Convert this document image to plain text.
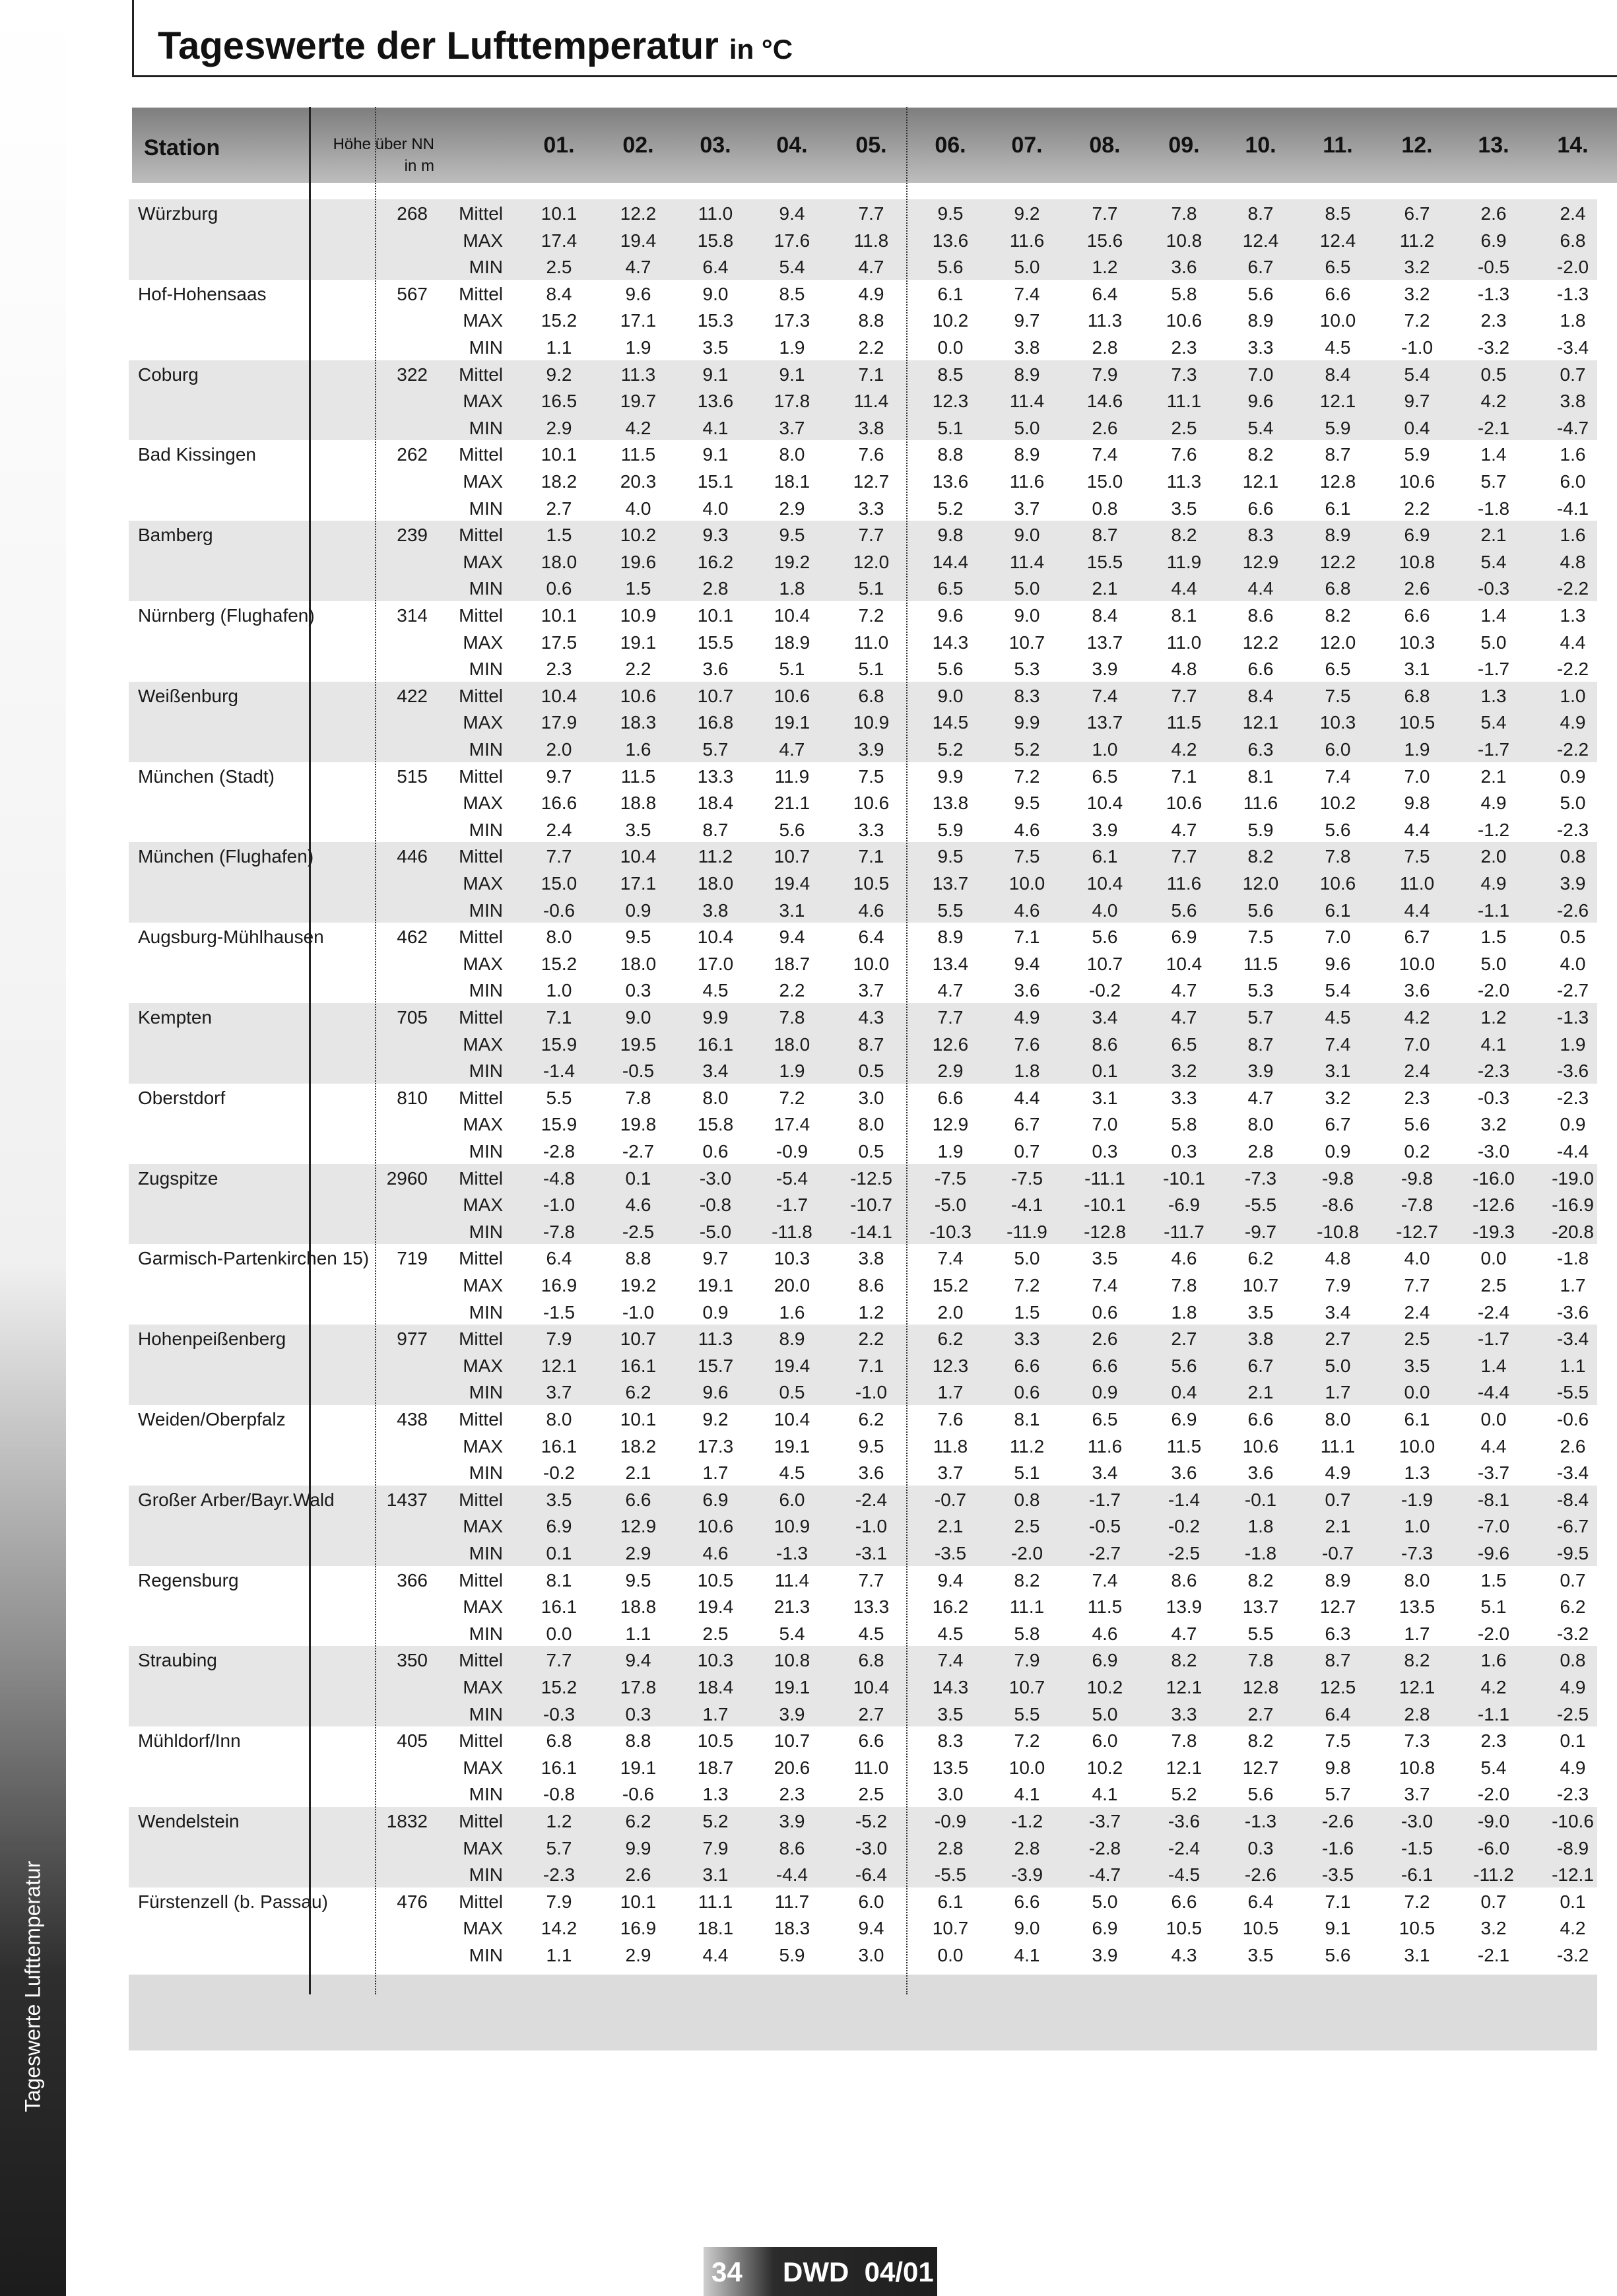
Tageswerte Lufttemperatur
Tageswerte der Lufttemperatur in °C
Station	Höhe über NN
in m
01.	02.	03.	04.	05.	06.	07.	08.	09.	10.	11.	12.	13.	14.
Würzburg	268	Mittel	10.1	12.2	11.0	9.4	7.7	9.5	9.2	7.7	7.8	8.7	8.5	6.7	2.6	2.4
MAX	17.4	19.4	15.8	17.6	11.8	13.6	11.6	15.6	10.8	12.4	12.4	11.2	6.9	6.8
MIN	2.5	4.7	6.4	5.4	4.7	5.6	5.0	1.2	3.6	6.7	6.5	3.2	-0.5	-2.0
Hof-Hohensaas	567	Mittel	8.4	9.6	9.0	8.5	4.9	6.1	7.4	6.4	5.8	5.6	6.6	3.2	-1.3	-1.3
MAX	15.2	17.1	15.3	17.3	8.8	10.2	9.7	11.3	10.6	8.9	10.0	7.2	2.3	1.8
MIN	1.1	1.9	3.5	1.9	2.2	0.0	3.8	2.8	2.3	3.3	4.5	-1.0	-3.2	-3.4
Coburg	322	Mittel	9.2	11.3	9.1	9.1	7.1	8.5	8.9	7.9	7.3	7.0	8.4	5.4	0.5	0.7
MAX	16.5	19.7	13.6	17.8	11.4	12.3	11.4	14.6	11.1	9.6	12.1	9.7	4.2	3.8
MIN	2.9	4.2	4.1	3.7	3.8	5.1	5.0	2.6	2.5	5.4	5.9	0.4	-2.1	-4.7
Bad Kissingen	262	Mittel	10.1	11.5	9.1	8.0	7.6	8.8	8.9	7.4	7.6	8.2	8.7	5.9	1.4	1.6
MAX	18.2	20.3	15.1	18.1	12.7	13.6	11.6	15.0	11.3	12.1	12.8	10.6	5.7	6.0
MIN	2.7	4.0	4.0	2.9	3.3	5.2	3.7	0.8	3.5	6.6	6.1	2.2	-1.8	-4.1
Bamberg	239	Mittel	1.5	10.2	9.3	9.5	7.7	9.8	9.0	8.7	8.2	8.3	8.9	6.9	2.1	1.6
MAX	18.0	19.6	16.2	19.2	12.0	14.4	11.4	15.5	11.9	12.9	12.2	10.8	5.4	4.8
MIN	0.6	1.5	2.8	1.8	5.1	6.5	5.0	2.1	4.4	4.4	6.8	2.6	-0.3	-2.2
Nürnberg (Flughafen)	314	Mittel	10.1	10.9	10.1	10.4	7.2	9.6	9.0	8.4	8.1	8.6	8.2	6.6	1.4	1.3
MAX	17.5	19.1	15.5	18.9	11.0	14.3	10.7	13.7	11.0	12.2	12.0	10.3	5.0	4.4
MIN	2.3	2.2	3.6	5.1	5.1	5.6	5.3	3.9	4.8	6.6	6.5	3.1	-1.7	-2.2
Weißenburg	422	Mittel	10.4	10.6	10.7	10.6	6.8	9.0	8.3	7.4	7.7	8.4	7.5	6.8	1.3	1.0
MAX	17.9	18.3	16.8	19.1	10.9	14.5	9.9	13.7	11.5	12.1	10.3	10.5	5.4	4.9
MIN	2.0	1.6	5.7	4.7	3.9	5.2	5.2	1.0	4.2	6.3	6.0	1.9	-1.7	-2.2
München (Stadt)	515	Mittel	9.7	11.5	13.3	11.9	7.5	9.9	7.2	6.5	7.1	8.1	7.4	7.0	2.1	0.9
MAX	16.6	18.8	18.4	21.1	10.6	13.8	9.5	10.4	10.6	11.6	10.2	9.8	4.9	5.0
MIN	2.4	3.5	8.7	5.6	3.3	5.9	4.6	3.9	4.7	5.9	5.6	4.4	-1.2	-2.3
München (Flughafen)	446	Mittel	7.7	10.4	11.2	10.7	7.1	9.5	7.5	6.1	7.7	8.2	7.8	7.5	2.0	0.8
MAX	15.0	17.1	18.0	19.4	10.5	13.7	10.0	10.4	11.6	12.0	10.6	11.0	4.9	3.9
MIN	-0.6	0.9	3.8	3.1	4.6	5.5	4.6	4.0	5.6	5.6	6.1	4.4	-1.1	-2.6
Augsburg-Mühlhausen	462	Mittel	8.0	9.5	10.4	9.4	6.4	8.9	7.1	5.6	6.9	7.5	7.0	6.7	1.5	0.5
MAX	15.2	18.0	17.0	18.7	10.0	13.4	9.4	10.7	10.4	11.5	9.6	10.0	5.0	4.0
MIN	1.0	0.3	4.5	2.2	3.7	4.7	3.6	-0.2	4.7	5.3	5.4	3.6	-2.0	-2.7
Kempten	705	Mittel	7.1	9.0	9.9	7.8	4.3	7.7	4.9	3.4	4.7	5.7	4.5	4.2	1.2	-1.3
MAX	15.9	19.5	16.1	18.0	8.7	12.6	7.6	8.6	6.5	8.7	7.4	7.0	4.1	1.9
MIN	-1.4	-0.5	3.4	1.9	0.5	2.9	1.8	0.1	3.2	3.9	3.1	2.4	-2.3	-3.6
Oberstdorf	810	Mittel	5.5	7.8	8.0	7.2	3.0	6.6	4.4	3.1	3.3	4.7	3.2	2.3	-0.3	-2.3
MAX	15.9	19.8	15.8	17.4	8.0	12.9	6.7	7.0	5.8	8.0	6.7	5.6	3.2	0.9
MIN	-2.8	-2.7	0.6	-0.9	0.5	1.9	0.7	0.3	0.3	2.8	0.9	0.2	-3.0	-4.4
Zugspitze	2960	Mittel	-4.8	0.1	-3.0	-5.4	-12.5	-7.5	-7.5	-11.1	-10.1	-7.3	-9.8	-9.8	-16.0	-19.0
MAX	-1.0	4.6	-0.8	-1.7	-10.7	-5.0	-4.1	-10.1	-6.9	-5.5	-8.6	-7.8	-12.6	-16.9
MIN	-7.8	-2.5	-5.0	-11.8	-14.1	-10.3	-11.9	-12.8	-11.7	-9.7	-10.8	-12.7	-19.3	-20.8
Garmisch-Partenkirchen 15)	719	Mittel	6.4	8.8	9.7	10.3	3.8	7.4	5.0	3.5	4.6	6.2	4.8	4.0	0.0	-1.8
MAX	16.9	19.2	19.1	20.0	8.6	15.2	7.2	7.4	7.8	10.7	7.9	7.7	2.5	1.7
MIN	-1.5	-1.0	0.9	1.6	1.2	2.0	1.5	0.6	1.8	3.5	3.4	2.4	-2.4	-3.6
Hohenpeißenberg	977	Mittel	7.9	10.7	11.3	8.9	2.2	6.2	3.3	2.6	2.7	3.8	2.7	2.5	-1.7	-3.4
MAX	12.1	16.1	15.7	19.4	7.1	12.3	6.6	6.6	5.6	6.7	5.0	3.5	1.4	1.1
MIN	3.7	6.2	9.6	0.5	-1.0	1.7	0.6	0.9	0.4	2.1	1.7	0.0	-4.4	-5.5
Weiden/Oberpfalz	438	Mittel	8.0	10.1	9.2	10.4	6.2	7.6	8.1	6.5	6.9	6.6	8.0	6.1	0.0	-0.6
MAX	16.1	18.2	17.3	19.1	9.5	11.8	11.2	11.6	11.5	10.6	11.1	10.0	4.4	2.6
MIN	-0.2	2.1	1.7	4.5	3.6	3.7	5.1	3.4	3.6	3.6	4.9	1.3	-3.7	-3.4
Großer Arber/Bayr.Wald	1437	Mittel	3.5	6.6	6.9	6.0	-2.4	-0.7	0.8	-1.7	-1.4	-0.1	0.7	-1.9	-8.1	-8.4
MAX	6.9	12.9	10.6	10.9	-1.0	2.1	2.5	-0.5	-0.2	1.8	2.1	1.0	-7.0	-6.7
MIN	0.1	2.9	4.6	-1.3	-3.1	-3.5	-2.0	-2.7	-2.5	-1.8	-0.7	-7.3	-9.6	-9.5
Regensburg	366	Mittel	8.1	9.5	10.5	11.4	7.7	9.4	8.2	7.4	8.6	8.2	8.9	8.0	1.5	0.7
MAX	16.1	18.8	19.4	21.3	13.3	16.2	11.1	11.5	13.9	13.7	12.7	13.5	5.1	6.2
MIN	0.0	1.1	2.5	5.4	4.5	4.5	5.8	4.6	4.7	5.5	6.3	1.7	-2.0	-3.2
Straubing	350	Mittel	7.7	9.4	10.3	10.8	6.8	7.4	7.9	6.9	8.2	7.8	8.7	8.2	1.6	0.8
MAX	15.2	17.8	18.4	19.1	10.4	14.3	10.7	10.2	12.1	12.8	12.5	12.1	4.2	4.9
MIN	-0.3	0.3	1.7	3.9	2.7	3.5	5.5	5.0	3.3	2.7	6.4	2.8	-1.1	-2.5
Mühldorf/Inn	405	Mittel	6.8	8.8	10.5	10.7	6.6	8.3	7.2	6.0	7.8	8.2	7.5	7.3	2.3	0.1
MAX	16.1	19.1	18.7	20.6	11.0	13.5	10.0	10.2	12.1	12.7	9.8	10.8	5.4	4.9
MIN	-0.8	-0.6	1.3	2.3	2.5	3.0	4.1	4.1	5.2	5.6	5.7	3.7	-2.0	-2.3
Wendelstein	1832	Mittel	1.2	6.2	5.2	3.9	-5.2	-0.9	-1.2	-3.7	-3.6	-1.3	-2.6	-3.0	-9.0	-10.6
MAX	5.7	9.9	7.9	8.6	-3.0	2.8	2.8	-2.8	-2.4	0.3	-1.6	-1.5	-6.0	-8.9
MIN	-2.3	2.6	3.1	-4.4	-6.4	-5.5	-3.9	-4.7	-4.5	-2.6	-3.5	-6.1	-11.2	-12.1
Fürstenzell (b. Passau)	476	Mittel	7.9	10.1	11.1	11.7	6.0	6.1	6.6	5.0	6.6	6.4	7.1	7.2	0.7	0.1
MAX	14.2	16.9	18.1	18.3	9.4	10.7	9.0	6.9	10.5	10.5	9.1	10.5	3.2	4.2
MIN	1.1	2.9	4.4	5.9	3.0	0.0	4.1	3.9	4.3	3.5	5.6	3.1	-2.1	-3.2
34 DWD  04/01
